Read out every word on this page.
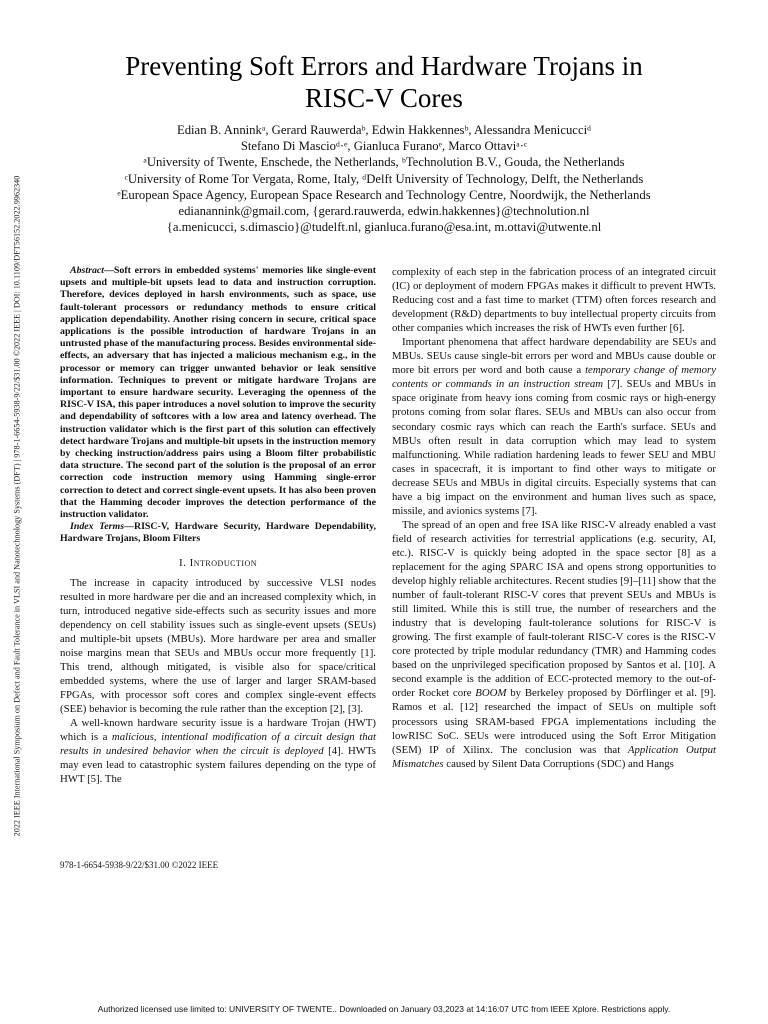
2022 IEEE International Symposium on Defect and Fault Tolerance in VLSI and Nanotechnology Systems (DFT) | 978-1-6654-5938-9/22/$31.00 ©2022 IEEE | DOI: 10.1109/DFT56152.2022.9962340
Preventing Soft Errors and Hardware Trojans in
RISC-V Cores
Edian B. Anninkᵃ, Gerard Rauwerdaᵇ, Edwin Hakkennesᵇ, Alessandra Menicucciᵈ
Stefano Di Mascioᵈ·ᵉ, Gianluca Furanoᵉ, Marco Ottaviᵃ·ᶜ
ᵃUniversity of Twente, Enschede, the Netherlands, ᵇTechnolution B.V., Gouda, the Netherlands
ᶜUniversity of Rome Tor Vergata, Rome, Italy, ᵈDelft University of Technology, Delft, the Netherlands
ᵉEuropean Space Agency, European Space Research and Technology Centre, Noordwijk, the Netherlands
edianannink@gmail.com, {gerard.rauwerda, edwin.hakkennes}@technolution.nl
{a.menicucci, s.dimascio}@tudelft.nl, gianluca.furano@esa.int, m.ottavi@utwente.nl

Abstract—Soft errors in embedded systems' memories like single-event upsets and multiple-bit upsets lead to data and instruction corruption. Therefore, devices deployed in harsh environments, such as space, use fault-tolerant processors or redundancy methods to ensure critical application dependability. Another rising concern in secure, critical space applications is the possible introduction of hardware Trojans in an untrusted phase of the manufacturing process. Besides environmental side-effects, an adversary that has injected a malicious mechanism e.g., in the processor or memory can trigger unwanted behavior or leak sensitive information. Techniques to prevent or mitigate hardware Trojans are important to ensure hardware security. Leveraging the openness of the RISC-V ISA, this paper introduces a novel solution to improve the security and dependability of softcores with a low area and latency overhead. The instruction validator which is the first part of this solution can effectively detect hardware Trojans and multiple-bit upsets in the instruction memory by checking instruction/address pairs using a Bloom filter probabilistic data structure. The second part of the solution is the proposal of an error correction code instruction memory using Hamming single-error correction to detect and correct single-event upsets. It has also been proven that the Hamming decoder improves the detection performance of the instruction validator.

Index Terms—RISC-V, Hardware Security, Hardware Dependability, Hardware Trojans, Bloom Filters

I. Introduction

The increase in capacity introduced by successive VLSI nodes resulted in more hardware per die and an increased complexity which, in turn, introduced negative side-effects such as security issues and more dependency on cell stability issues such as single-event upsets (SEUs) and multiple-bit upsets (MBUs). More hardware per area and smaller noise margins mean that SEUs and MBUs occur more frequently [1]. This trend, although mitigated, is visible also for space/critical embedded systems, where the use of larger and larger SRAM-based FPGAs, with processor soft cores and complex single-event effects (SEE) behavior is becoming the rule rather than the exception [2], [3].

A well-known hardware security issue is a hardware Trojan (HWT) which is a malicious, intentional modification of a circuit design that results in undesired behavior when the circuit is deployed [4]. HWTs may even lead to catastrophic system failures depending on the type of HWT [5]. The

978-1-6654-5938-9/22/$31.00 ©2022 IEEE

complexity of each step in the fabrication process of an integrated circuit (IC) or deployment of modern FPGAs makes it difficult to prevent HWTs. Reducing cost and a fast time to market (TTM) often forces research and development (R&D) departments to buy intellectual property circuits from other companies which increases the risk of HWTs even further [6].

Important phenomena that affect hardware dependability are SEUs and MBUs. SEUs cause single-bit errors per word and MBUs cause double or more bit errors per word and both cause a temporary change of memory contents or commands in an instruction stream [7]. SEUs and MBUs in space originate from heavy ions coming from cosmic rays or high-energy protons coming from solar flares. SEUs and MBUs can also occur from secondary cosmic rays which can reach the Earth's surface. SEUs and MBUs often result in data corruption which may lead to system malfunctioning. While radiation hardening leads to fewer SEU and MBU cases in spacecraft, it is important to find other ways to mitigate or decrease SEUs and MBUs in digital circuits. Especially systems that can have a big impact on the environment and human lives such as space, missile, and avionics systems [7].

The spread of an open and free ISA like RISC-V already enabled a vast field of research activities for terrestrial applications (e.g. security, AI, etc.). RISC-V is quickly being adopted in the space sector [8] as a replacement for the aging SPARC ISA and opens strong opportunities to develop highly reliable architectures. Recent studies [9]–[11] show that the number of fault-tolerant RISC-V cores that prevent SEUs and MBUs is still limited. While this is still true, the number of researchers and the industry that is developing fault-tolerance solutions for RISC-V is growing. The first example of fault-tolerant RISC-V cores is the RISC-V core protected by triple modular redundancy (TMR) and Hamming codes based on the unprivileged specification proposed by Santos et al. [10]. A second example is the addition of ECC-protected memory to the out-of-order Rocket core BOOM by Berkeley proposed by Dörflinger et al. [9]. Ramos et al. [12] researched the impact of SEUs on multiple soft processors using SRAM-based FPGA implementations including the lowRISC SoC. SEUs were introduced using the Soft Error Mitigation (SEM) IP of Xilinx. The conclusion was that Application Output Mismatches caused by Silent Data Corruptions (SDC) and Hangs

Authorized licensed use limited to: UNIVERSITY OF TWENTE.. Downloaded on January 03,2023 at 14:16:07 UTC from IEEE Xplore. Restrictions apply.
